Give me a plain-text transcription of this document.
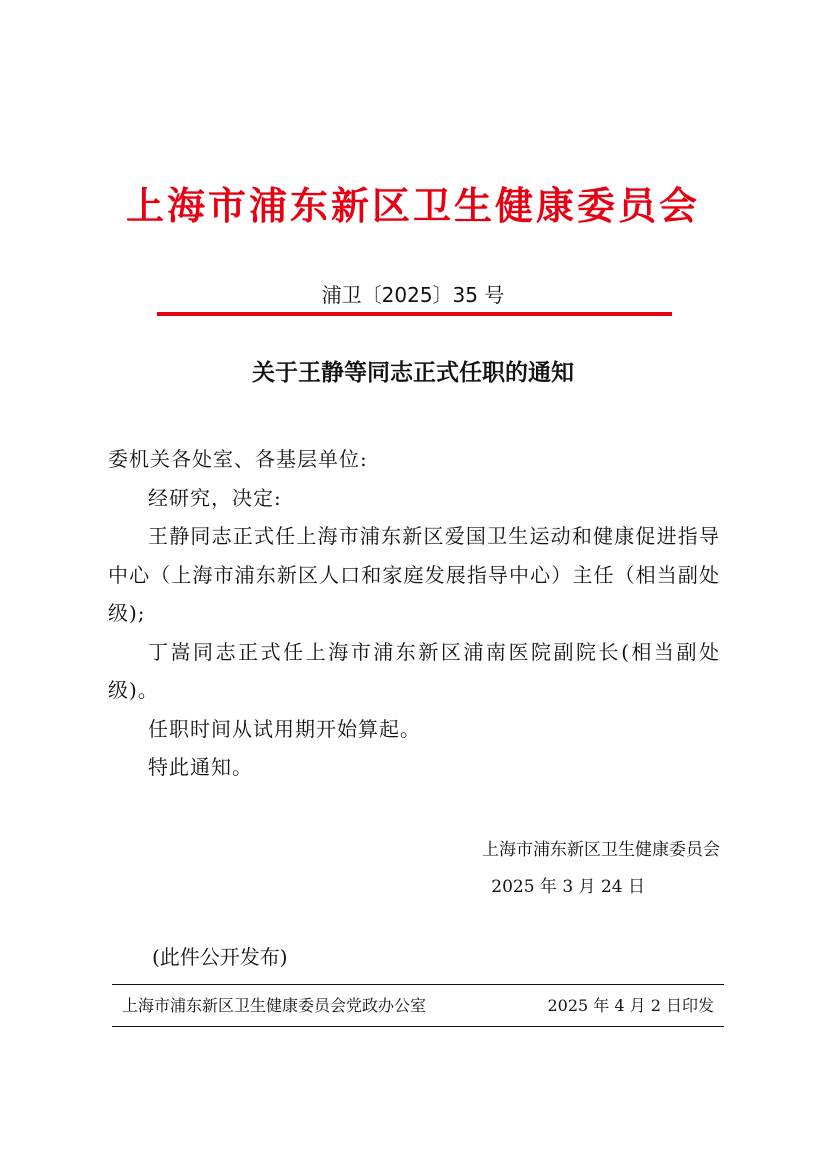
上海市浦东新区卫生健康委员会
浦卫〔2025〕35 号
关于王静等同志正式任职的通知

委机关各处室、各基层单位:

经研究，决定:

王静同志正式任上海市浦东新区爱国卫生运动和健康促进指导中心（上海市浦东新区人口和家庭发展指导中心）主任（相当副处级);

丁嵩同志正式任上海市浦东新区浦南医院副院长(相当副处级)。

任职时间从试用期开始算起。

特此通知。

上海市浦东新区卫生健康委员会
2025 年 3 月 24 日
(此件公开发布)
上海市浦东新区卫生健康委员会党政办公室	2025 年 4 月 2 日印发
